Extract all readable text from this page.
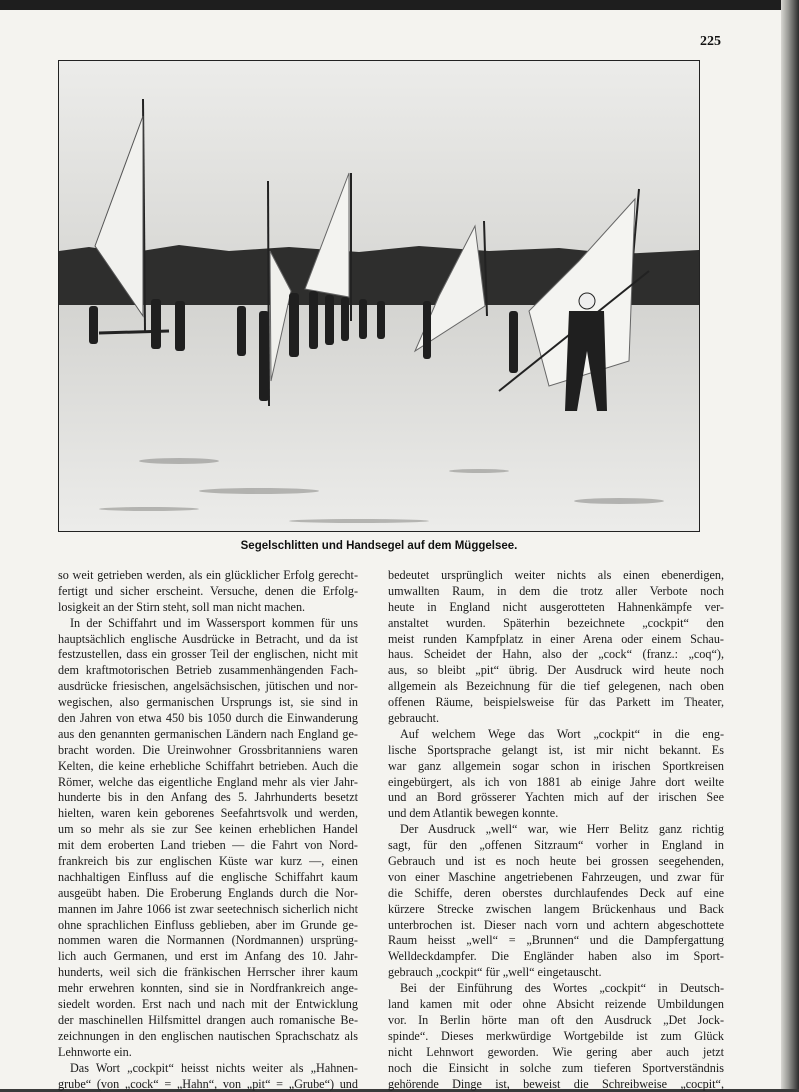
225
Segelschlitten und Handsegel auf dem Müggelsee.
so weit getrieben werden, als ein glücklicher Erfolg gerecht-
fertigt und sicher erscheint. Versuche, denen die Erfolg-
losigkeit an der Stirn steht, soll man nicht machen.
In der Schiffahrt und im Wassersport kommen für uns
hauptsächlich englische Ausdrücke in Betracht, und da ist
festzustellen, dass ein grosser Teil der englischen, nicht mit
dem kraftmotorischen Betrieb zusammenhängenden Fach-
ausdrücke friesischen, angelsächsischen, jütischen und nor-
wegischen, also germanischen Ursprungs ist, sie sind in
den Jahren von etwa 450 bis 1050 durch die Einwanderung
aus den genannten germanischen Ländern nach England ge-
bracht worden. Die Ureinwohner Grossbritanniens waren
Kelten, die keine erhebliche Schiffahrt betrieben. Auch die
Römer, welche das eigentliche England mehr als vier Jahr-
hunderte bis in den Anfang des 5. Jahrhunderts besetzt
hielten, waren kein geborenes Seefahrtsvolk und werden,
um so mehr als sie zur See keinen erheblichen Handel
mit dem eroberten Land trieben — die Fahrt von Nord-
frankreich bis zur englischen Küste war kurz —, einen
nachhaltigen Einfluss auf die englische Schiffahrt kaum
ausgeübt haben. Die Eroberung Englands durch die Nor-
mannen im Jahre 1066 ist zwar seetechnisch sicherlich nicht
ohne sprachlichen Einfluss geblieben, aber im Grunde ge-
nommen waren die Normannen (Nordmannen) ursprüng-
lich auch Germanen, und erst im Anfang des 10. Jahr-
hunderts, weil sich die fränkischen Herrscher ihrer kaum
mehr erwehren konnten, sind sie in Nordfrankreich ange-
siedelt worden. Erst nach und nach mit der Entwicklung
der maschinellen Hilfsmittel drangen auch romanische Be-
zeichnungen in den englischen nautischen Sprachschatz als
Lehnworte ein.
Das Wort „cockpit“ heisst nichts weiter als „Hahnen-
grube“ (von „cock“ = „Hahn“, von „pit“ = „Grube“) und
bedeutet ursprünglich weiter nichts als einen ebenerdigen,
umwallten Raum, in dem die trotz aller Verbote noch
heute in England nicht ausgerotteten Hahnenkämpfe ver-
anstaltet wurden. Späterhin bezeichnete „cockpit“ den
meist runden Kampfplatz in einer Arena oder einem Schau-
haus. Scheidet der Hahn, also der „cock“ (franz.: „coq“),
aus, so bleibt „pit“ übrig. Der Ausdruck wird heute noch
allgemein als Bezeichnung für die tief gelegenen, nach oben
offenen Räume, beispielsweise für das Parkett im Theater,
gebraucht.
Auf welchem Wege das Wort „cockpit“ in die eng-
lische Sportsprache gelangt ist, ist mir nicht bekannt. Es
war ganz allgemein sogar schon in irischen Sportkreisen
eingebürgert, als ich von 1881 ab einige Jahre dort weilte
und an Bord grösserer Yachten mich auf der irischen See
und dem Atlantik bewegen konnte.
Der Ausdruck „well“ war, wie Herr Belitz ganz richtig
sagt, für den „offenen Sitzraum“ vorher in England in
Gebrauch und ist es noch heute bei grossen seegehenden,
von einer Maschine angetriebenen Fahrzeugen, und zwar für
die Schiffe, deren oberstes durchlaufendes Deck auf eine
kürzere Strecke zwischen langem Brückenhaus und Back
unterbrochen ist. Dieser nach vorn und achtern abgeschottete
Raum heisst „well“ = „Brunnen“ und die Dampfergattung
Welldeckdampfer. Die Engländer haben also im Sport-
gebrauch „cockpit“ für „well“ eingetauscht.
Bei der Einführung des Wortes „cockpit“ in Deutsch-
land kamen mit oder ohne Absicht reizende Umbildungen
vor. In Berlin hörte man oft den Ausdruck „Det Jock-
spinde“. Dieses merkwürdige Wortgebilde ist zum Glück
nicht Lehnwort geworden. Wie gering aber auch jetzt
noch die Einsicht in solche zum tieferen Sportverständnis
gehörende Dinge ist, beweist die Schreibweise „cocpit“,
